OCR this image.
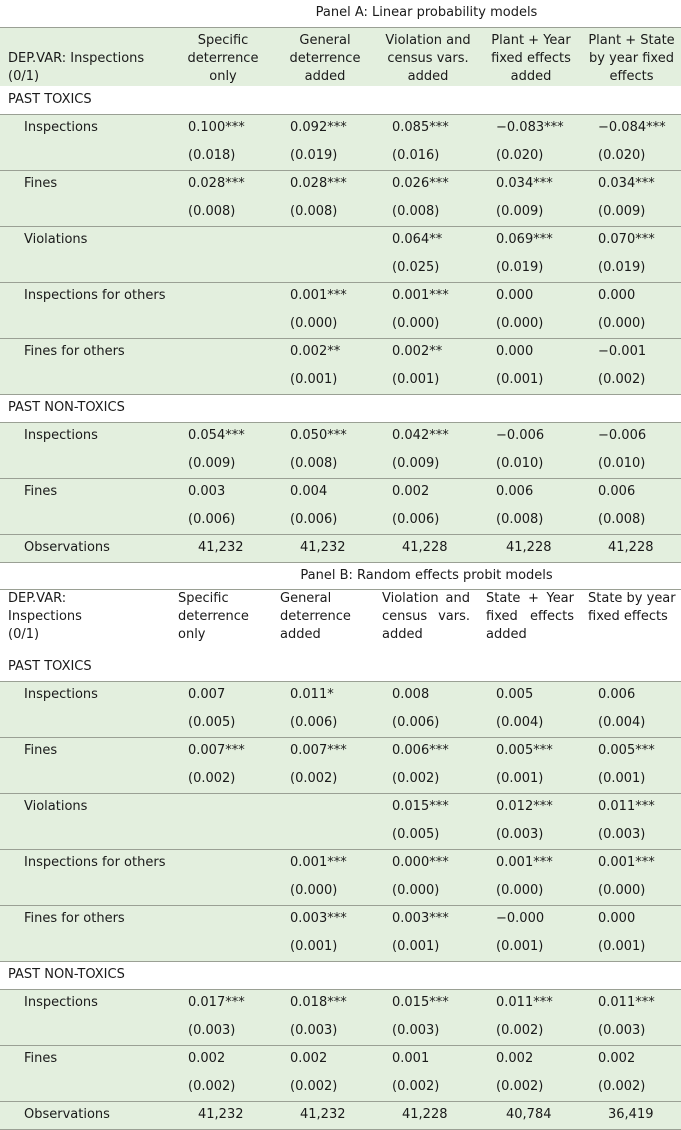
	Panel A: Linear probability models				
DEP.VAR: Inspections (0/1)	Specific deterrence only	General deterrence added	Violation and census vars. added	Plant + Year fixed effects added	Plant + State by year fixed effects
PAST TOXICS					
Inspections	0.100***	0.092***	0.085***	−0.083***	−0.084***
	(0.018)	(0.019)	(0.016)	(0.020)	(0.020)
Fines	0.028***	0.028***	0.026***	0.034***	0.034***
	(0.008)	(0.008)	(0.008)	(0.009)	(0.009)
Violations			0.064**	0.069***	0.070***
			(0.025)	(0.019)	(0.019)
Inspections for others		0.001***	0.001***	0.000	0.000
		(0.000)	(0.000)	(0.000)	(0.000)
Fines for others		0.002**	0.002**	0.000	−0.001
		(0.001)	(0.001)	(0.001)	(0.002)
PAST NON-TOXICS					
Inspections	0.054***	0.050***	0.042***	−0.006	−0.006
	(0.009)	(0.008)	(0.009)	(0.010)	(0.010)
Fines	0.003	0.004	0.002	0.006	0.006
	(0.006)	(0.006)	(0.006)	(0.008)	(0.008)
Observations	41,232	41,232	41,228	41,228	41,228
	Panel B: Random effects probit models				

DEP.VAR: Inspections (0/1)	Specific deterrence only	General deterrence added	Violation and census vars. added	State + Year fixed effects added	State by year fixed effects

PAST TOXICS					
Inspections	0.007	0.011*	0.008	0.005	0.006
	(0.005)	(0.006)	(0.006)	(0.004)	(0.004)
Fines	0.007***	0.007***	0.006***	0.005***	0.005***
	(0.002)	(0.002)	(0.002)	(0.001)	(0.001)
Violations			0.015***	0.012***	0.011***
			(0.005)	(0.003)	(0.003)
Inspections for others		0.001***	0.000***	0.001***	0.001***
		(0.000)	(0.000)	(0.000)	(0.000)
Fines for others		0.003***	0.003***	−0.000	0.000
		(0.001)	(0.001)	(0.001)	(0.001)
PAST NON-TOXICS					
Inspections	0.017***	0.018***	0.015***	0.011***	0.011***
	(0.003)	(0.003)	(0.003)	(0.002)	(0.003)
Fines	0.002	0.002	0.001	0.002	0.002
	(0.002)	(0.002)	(0.002)	(0.002)	(0.002)
Observations	41,232	41,232	41,228	40,784	36,419
